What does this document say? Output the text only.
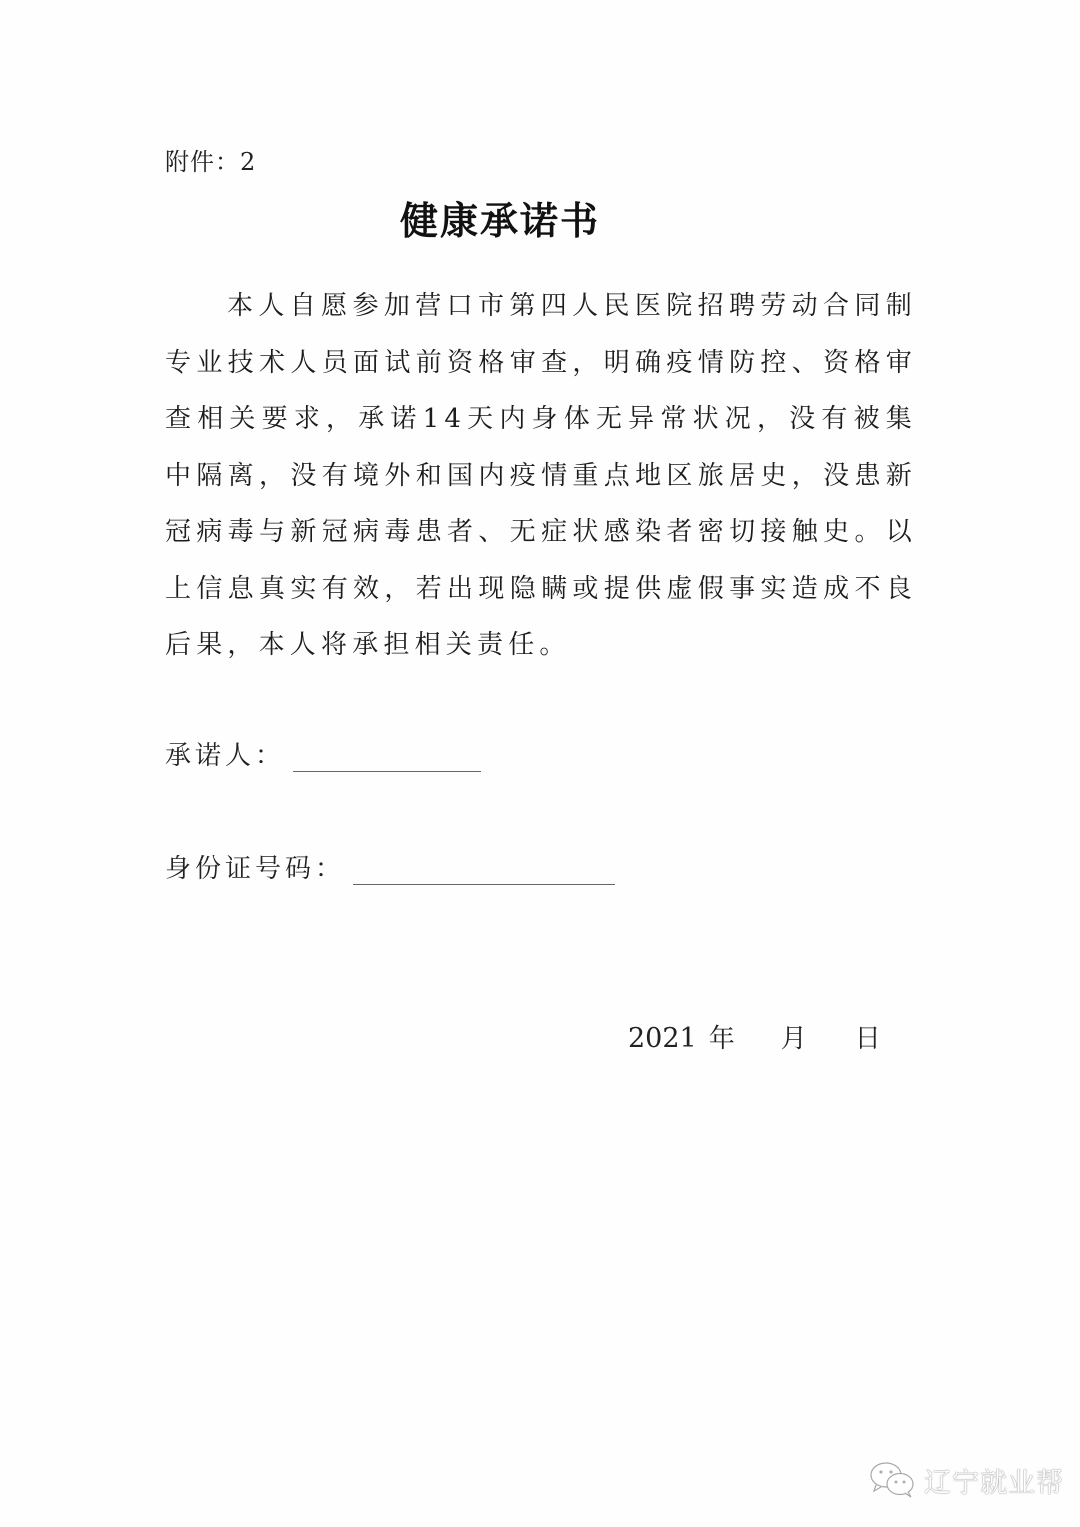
附件：2
健康承诺书
本人自愿参加营口市第四人民医院招聘劳动合同制专业技术人员面试前资格审查，明确疫情防控、资格审查相关要求，承诺14天内身体无异常状况，没有被集中隔离，没有境外和国内疫情重点地区旅居史，没患新冠病毒与新冠病毒患者、无症状感染者密切接触史。以上信息真实有效，若出现隐瞒或提供虚假事实造成不良后果，本人将承担相关责任。
承诺人：
身份证号码：
2021 年 月 日
辽宁就业帮
